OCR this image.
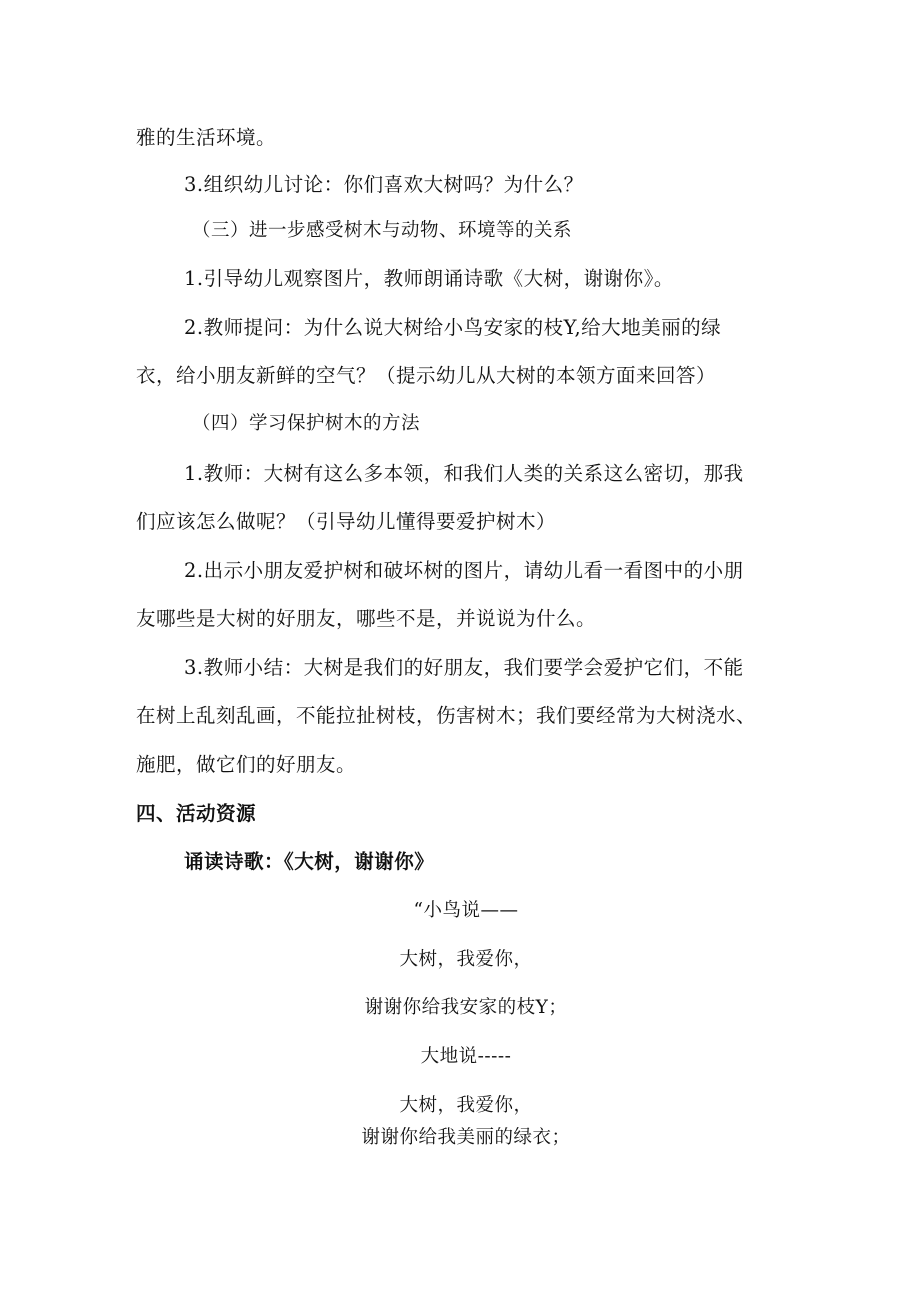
雅的生活环境。
3.组织幼儿讨论：你们喜欢大树吗？为什么？
（三）进一步感受树木与动物、环境等的关系
1.引导幼儿观察图片，教师朗诵诗歌《大树，谢谢你》。
2.教师提问：为什么说大树给小鸟安家的枝Y,给大地美丽的绿
衣，给小朋友新鲜的空气？（提示幼儿从大树的本领方面来回答）
（四）学习保护树木的方法
1.教师：大树有这么多本领，和我们人类的关系这么密切，那我
们应该怎么做呢？（引导幼儿懂得要爱护树木）
2.出示小朋友爱护树和破坏树的图片，请幼儿看一看图中的小朋
友哪些是大树的好朋友，哪些不是，并说说为什么。
3.教师小结：大树是我们的好朋友，我们要学会爱护它们，不能
在树上乱刻乱画，不能拉扯树枝，伤害树木；我们要经常为大树浇水、
施肥，做它们的好朋友。
四、活动资源
诵读诗歌：《大树，谢谢你》
“小鸟说——
大树，我爱你，
谢谢你给我安家的枝Y；
大地说-----
大树，我爱你，
谢谢你给我美丽的绿衣；
